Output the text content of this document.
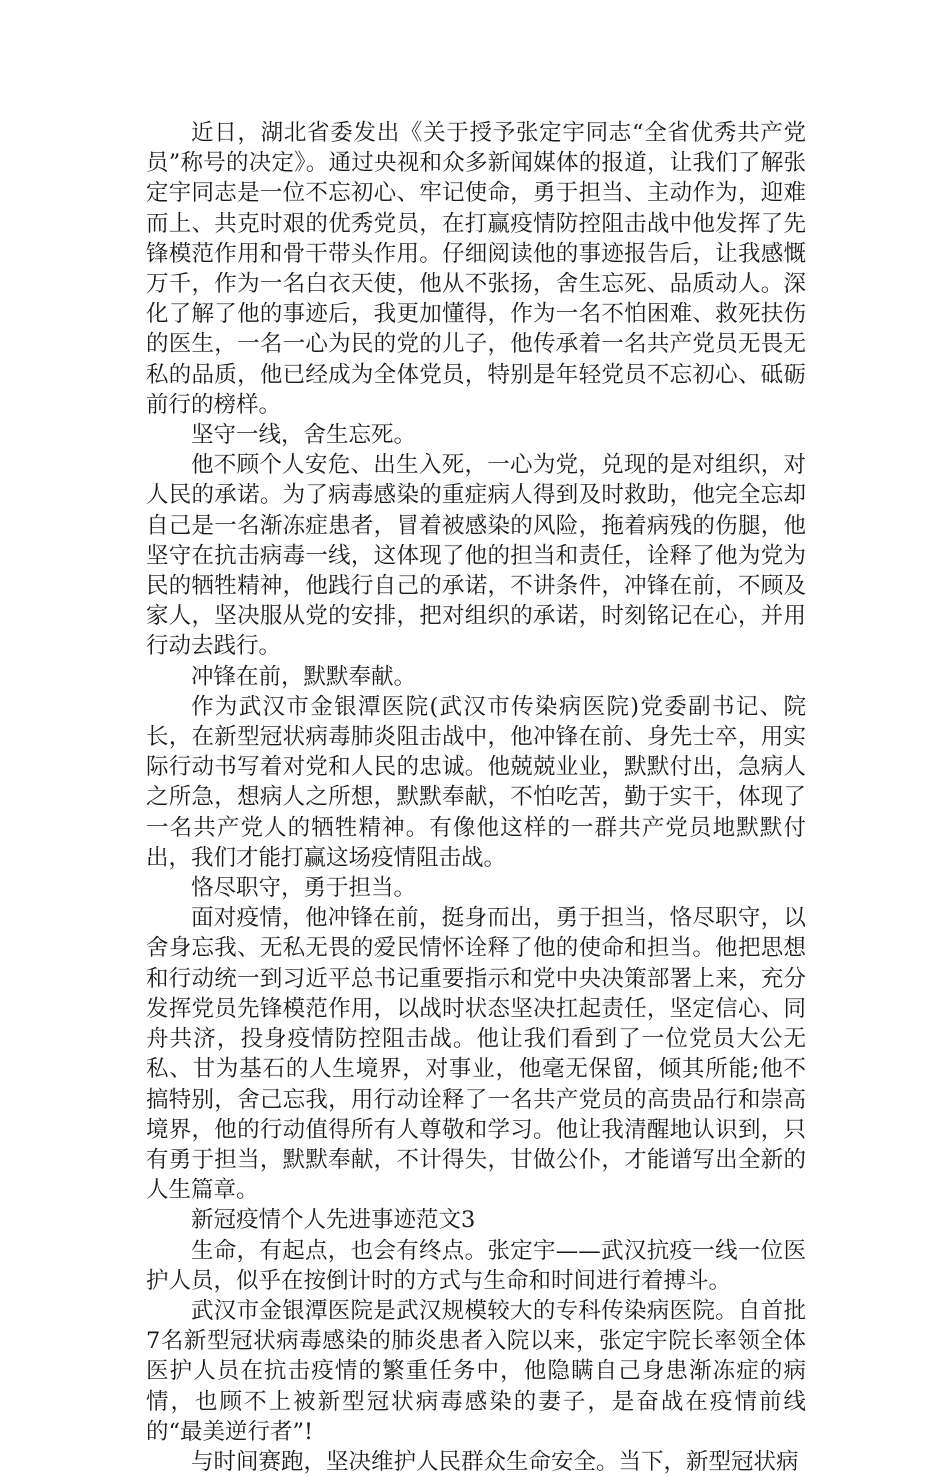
近日，湖北省委发出《关于授予张定宇同志“全省优秀共产党员”称号的决定》。通过央视和众多新闻媒体的报道，让我们了解张定宇同志是一位不忘初心、牢记使命，勇于担当、主动作为，迎难而上、共克时艰的优秀党员，在打赢疫情防控阻击战中他发挥了先锋模范作用和骨干带头作用。仔细阅读他的事迹报告后，让我感慨万千，作为一名白衣天使，他从不张扬，舍生忘死、品质动人。深化了解了他的事迹后，我更加懂得，作为一名不怕困难、救死扶伤的医生，一名一心为民的党的儿子，他传承着一名共产党员无畏无私的品质，他已经成为全体党员，特别是年轻党员不忘初心、砥砺前行的榜样。

坚守一线，舍生忘死。

他不顾个人安危、出生入死，一心为党，兑现的是对组织，对人民的承诺。为了病毒感染的重症病人得到及时救助，他完全忘却自己是一名渐冻症患者，冒着被感染的风险，拖着病残的伤腿，他坚守在抗击病毒一线，这体现了他的担当和责任，诠释了他为党为民的牺牲精神，他践行自己的承诺，不讲条件，冲锋在前，不顾及家人，坚决服从党的安排，把对组织的承诺，时刻铭记在心，并用行动去践行。

冲锋在前，默默奉献。

作为武汉市金银潭医院(武汉市传染病医院)党委副书记、院长，在新型冠状病毒肺炎阻击战中，他冲锋在前、身先士卒，用实际行动书写着对党和人民的忠诚。他兢兢业业，默默付出，急病人之所急，想病人之所想，默默奉献，不怕吃苦，勤于实干，体现了一名共产党人的牺牲精神。有像他这样的一群共产党员地默默付出，我们才能打赢这场疫情阻击战。

恪尽职守，勇于担当。

面对疫情，他冲锋在前，挺身而出，勇于担当，恪尽职守，以舍身忘我、无私无畏的爱民情怀诠释了他的使命和担当。他把思想和行动统一到习近平总书记重要指示和党中央决策部署上来，充分发挥党员先锋模范作用，以战时状态坚决扛起责任，坚定信心、同舟共济，投身疫情防控阻击战。他让我们看到了一位党员大公无私、甘为基石的人生境界，对事业，他毫无保留，倾其所能;他不搞特别，舍己忘我，用行动诠释了一名共产党员的高贵品行和崇高境界，他的行动值得所有人尊敬和学习。他让我清醒地认识到，只有勇于担当，默默奉献，不计得失，甘做公仆，才能谱写出全新的人生篇章。

新冠疫情个人先进事迹范文3

生命，有起点，也会有终点。张定宇——武汉抗疫一线一位医护人员，似乎在按倒计时的方式与生命和时间进行着搏斗。

武汉市金银潭医院是武汉规模较大的专科传染病医院。自首批7名新型冠状病毒感染的肺炎患者入院以来，张定宇院长率领全体医护人员在抗击疫情的繁重任务中，他隐瞒自己身患渐冻症的病情，也顾不上被新型冠状病毒感染的妻子，是奋战在疫情前线的“最美逆行者”!

与时间赛跑，坚决维护人民群众生命安全。当下，新型冠状病
